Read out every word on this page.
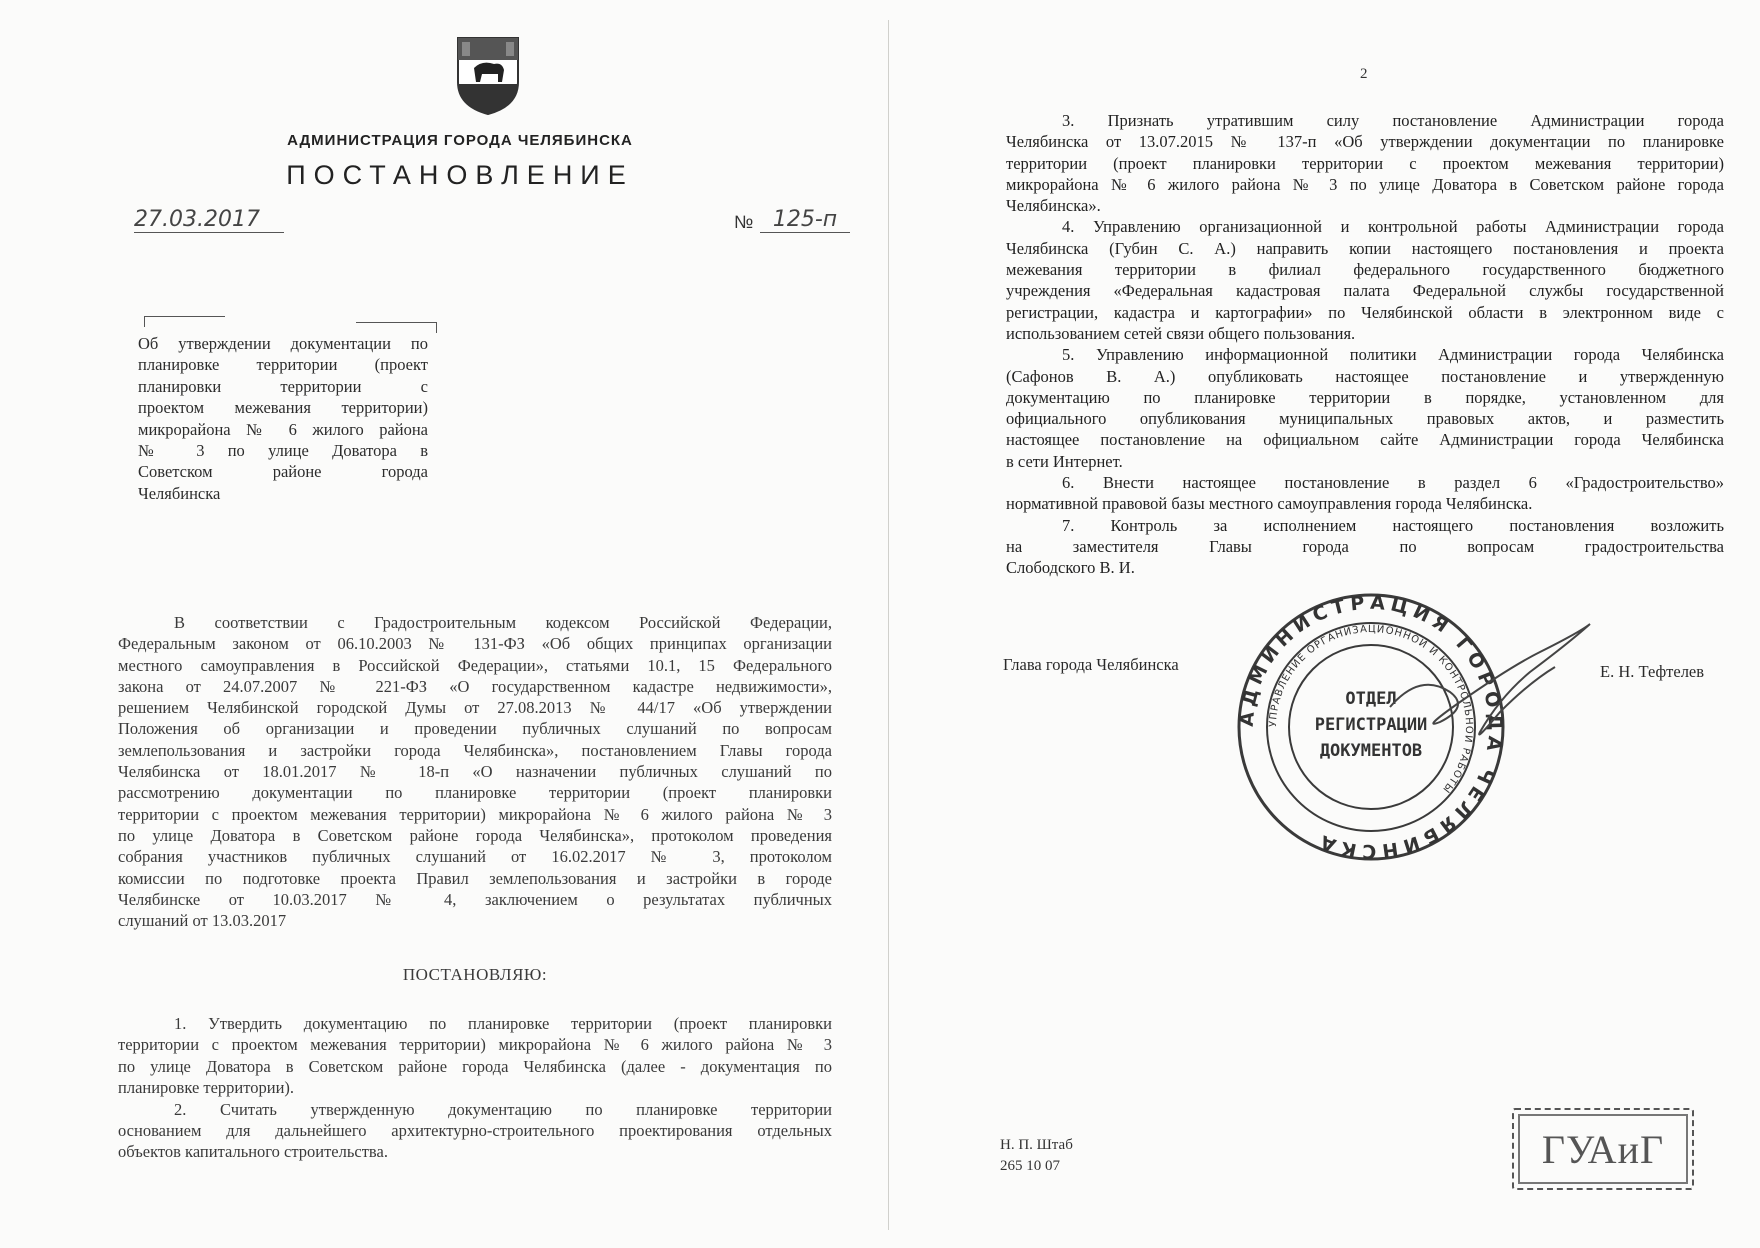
АДМИНИСТРАЦИЯ ГОРОДА ЧЕЛЯБИНСКА
ПОСТАНОВЛЕНИЕ
27.03.2017	№ 125-п
Об утверждении документации по
планировке территории (проект
планировки территории с
проектом межевания территории)
микрорайона № 6 жилого района
№ 3 по улице Доватора в
Советском районе города
Челябинска
В соответствии с Градостроительным кодексом Российской Федерации,
Федеральным законом от 06.10.2003 № 131-ФЗ «Об общих принципах организации
местного самоуправления в Российской Федерации», статьями 10.1, 15 Федерального
закона от 24.07.2007 № 221-ФЗ «О государственном кадастре недвижимости»,
решением Челябинской городской Думы от 27.08.2013 № 44/17 «Об утверждении
Положения об организации и проведении публичных слушаний по вопросам
землепользования и застройки города Челябинска», постановлением Главы города
Челябинска от 18.01.2017 № 18-п «О назначении публичных слушаний по
рассмотрению документации по планировке территории (проект планировки
территории с проектом межевания территории) микрорайона № 6 жилого района № 3
по улице Доватора в Советском районе города Челябинска», протоколом проведения
собрания участников публичных слушаний от 16.02.2017 № 3, протоколом
комиссии по подготовке проекта Правил землепользования и застройки в городе
Челябинске от 10.03.2017 № 4, заключением о результатах публичных
слушаний от 13.03.2017
ПОСТАНОВЛЯЮ:
1. Утвердить документацию по планировке территории (проект планировки
территории с проектом межевания территории) микрорайона № 6 жилого района № 3
по улице Доватора в Советском районе города Челябинска (далее - документация по
планировке территории).
2. Считать утвержденную документацию по планировке территории
основанием для дальнейшего архитектурно-строительного проектирования отдельных
объектов капитального строительства.
2
3. Признать утратившим силу постановление Администрации города
Челябинска от 13.07.2015 № 137-п «Об утверждении документации по планировке
территории (проект планировки территории с проектом межевания территории)
микрорайона № 6 жилого района № 3 по улице Доватора в Советском районе города
Челябинска».
4. Управлению организационной и контрольной работы Администрации города
Челябинска (Губин С. А.) направить копии настоящего постановления и проекта
межевания территории в филиал федерального государственного бюджетного
учреждения «Федеральная кадастровая палата Федеральной службы государственной
регистрации, кадастра и картографии» по Челябинской области в электронном виде с
использованием сетей связи общего пользования.
5. Управлению информационной политики Администрации города Челябинска
(Сафонов В. А.) опубликовать настоящее постановление и утвержденную
документацию по планировке территории в порядке, установленном для
официального опубликования муниципальных правовых актов, и разместить
настоящее постановление на официальном сайте Администрации города Челябинска
в сети Интернет.
6. Внести настоящее постановление в раздел 6 «Градостроительство»
нормативной правовой базы местного самоуправления города Челябинска.
7. Контроль за исполнением настоящего постановления возложить
на заместителя Главы города по вопросам градостроительства
Слободского В. И.
Глава города Челябинска	Е. Н. Тефтелев
АДМИНИСТРАЦИЯ ГОРОДА ЧЕЛЯБИНСКА
УПРАВЛЕНИЕ ОРГАНИЗАЦИОННОЙ И КОНТРОЛЬНОЙ РАБОТЫ
ОТДЕЛ
РЕГИСТРАЦИИ
ДОКУМЕНТОВ
Н. П. Штаб
265 10 07	ГУАиГ
